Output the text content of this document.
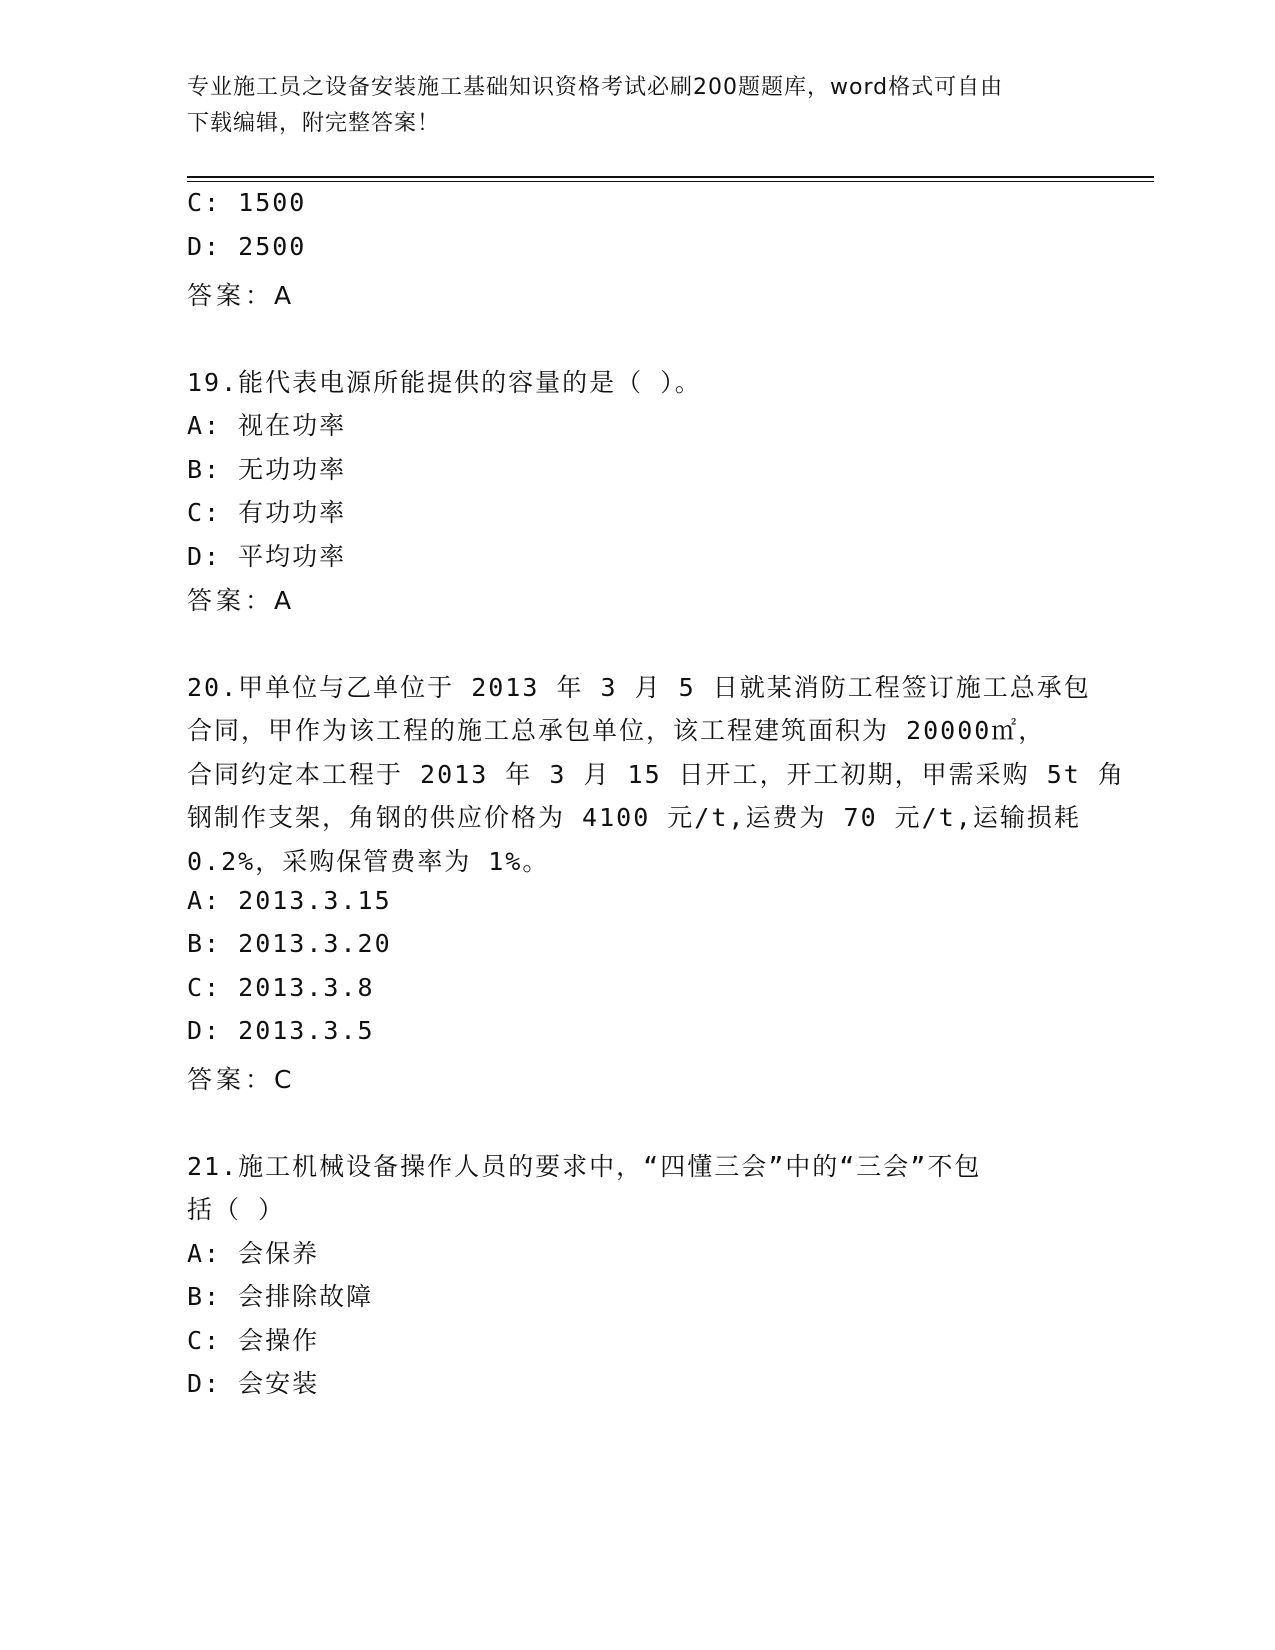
专业施工员之设备安装施工基础知识资格考试必刷200题题库，word格式可自由
下载编辑，附完整答案！
C: 1500
D: 2500
答案：A
19.能代表电源所能提供的容量的是（ ）。
A: 视在功率
B: 无功功率
C: 有功功率
D: 平均功率
答案：A
20.甲单位与乙单位于 2013 年 3 月 5 日就某消防工程签订施工总承包
合同，甲作为该工程的施工总承包单位，该工程建筑面积为 20000㎡，
合同约定本工程于 2013 年 3 月 15 日开工，开工初期，甲需采购 5t 角
钢制作支架，角钢的供应价格为 4100 元/t,运费为 70 元/t,运输损耗
0.2%，采购保管费率为 1%。
A: 2013.3.15
B: 2013.3.20
C: 2013.3.8
D: 2013.3.5
答案：C
21.施工机械设备操作人员的要求中，“四懂三会”中的“三会”不包
括（ ）
A: 会保养
B: 会排除故障
C: 会操作
D: 会安装
